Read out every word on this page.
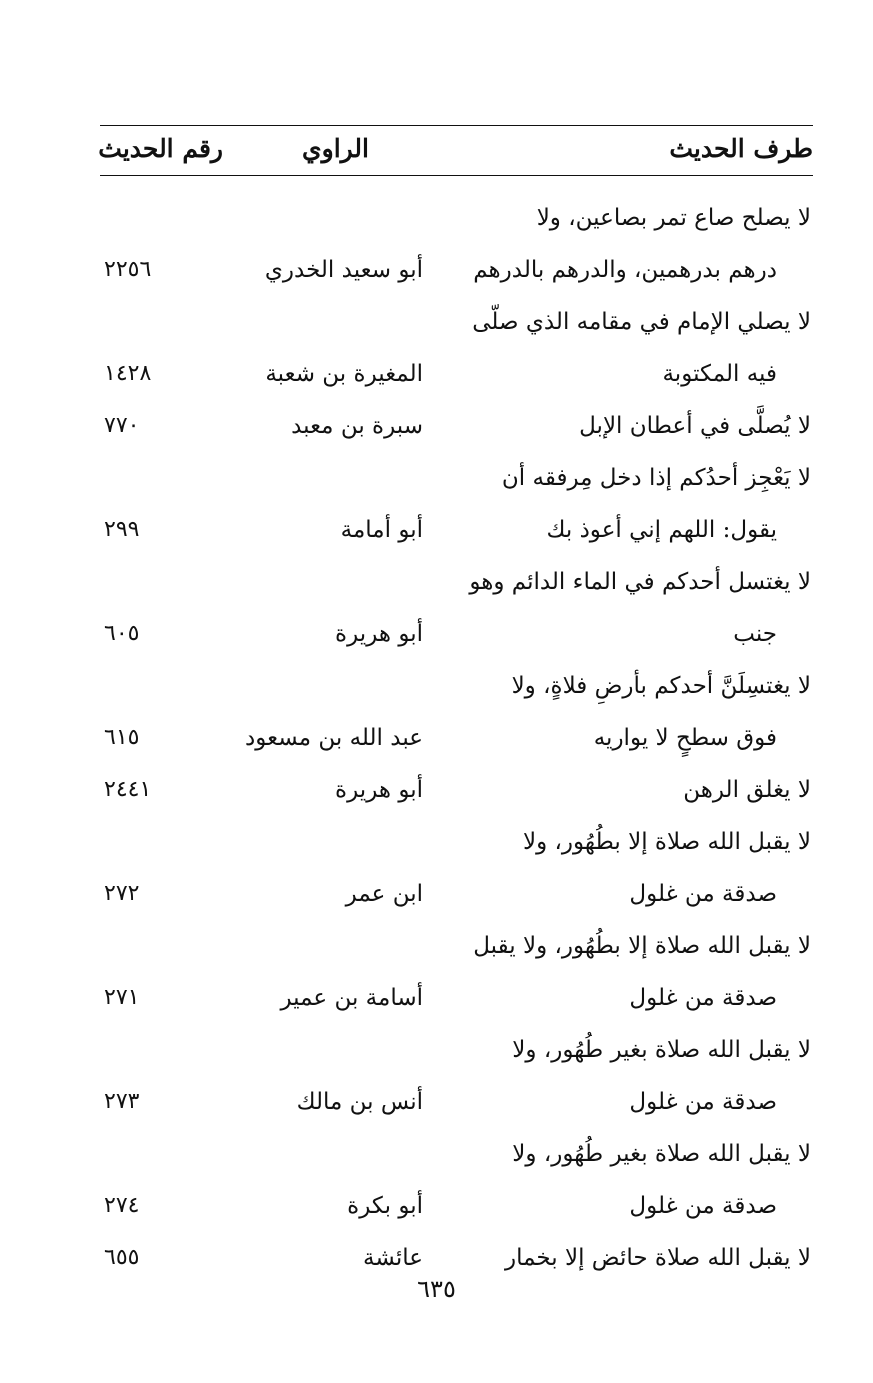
طرف الحديث
الراوي
رقم الحديث
لا يصلح صاع تمر بصاعين، ولا
درهم بدرهمين، والدرهم بالدرهم
أبو سعيد الخدري
٢٢٥٦
لا يصلي الإمام في مقامه الذي صلّى
فيه المكتوبة
المغيرة بن شعبة
١٤٢٨
لا يُصلَّى في أعطان الإبل
سبرة بن معبد
٧٧٠
لا يَعْجِز أحدُكم إذا دخل مِرفقه أن
يقول: اللهم إني أعوذ بك
أبو أمامة
٢٩٩
لا يغتسل أحدكم في الماء الدائم وهو
جنب
أبو هريرة
٦٠٥
لا يغتسِلَنَّ أحدكم بأرضِ فلاةٍ، ولا
فوق سطحٍ لا يواريه
عبد الله بن مسعود
٦١٥
لا يغلق الرهن
أبو هريرة
٢٤٤١
لا يقبل الله صلاة إلا بطُهُور، ولا
صدقة من غلول
ابن عمر
٢٧٢
لا يقبل الله صلاة إلا بطُهُور، ولا يقبل
صدقة من غلول
أسامة بن عمير
٢٧١
لا يقبل الله صلاة بغير طُهُور، ولا
صدقة من غلول
أنس بن مالك
٢٧٣
لا يقبل الله صلاة بغير طُهُور، ولا
صدقة من غلول
أبو بكرة
٢٧٤
لا يقبل الله صلاة حائض إلا بخمار
عائشة
٦٥٥
٦٣٥
